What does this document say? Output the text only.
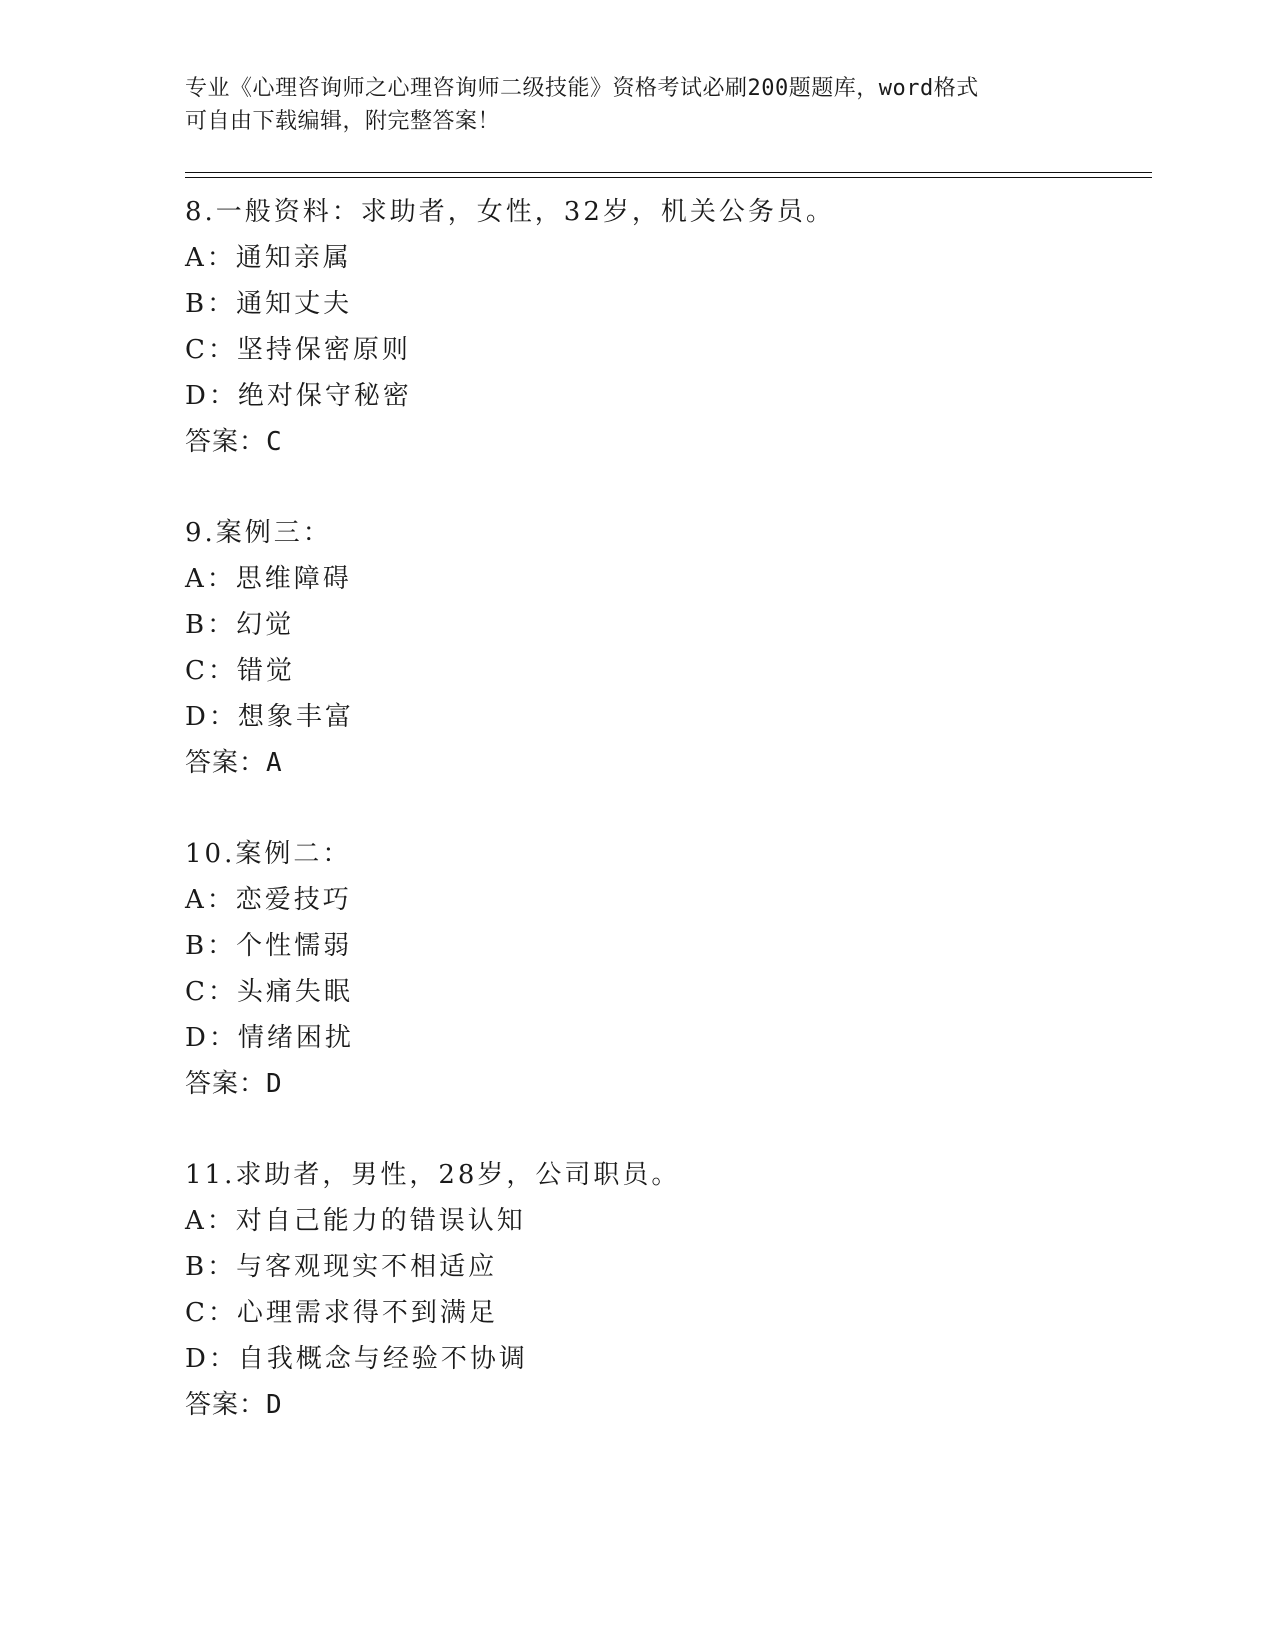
专业《心理咨询师之心理咨询师二级技能》资格考试必刷200题题库，word格式
可自由下载编辑，附完整答案！
8.一般资料：求助者，女性，32岁，机关公务员。
A：通知亲属
B：通知丈夫
C：坚持保密原则
D：绝对保守秘密
答案：C
9.案例三：
A：思维障碍
B：幻觉
C：错觉
D：想象丰富
答案：A
10.案例二：
A：恋爱技巧
B：个性懦弱
C：头痛失眠
D：情绪困扰
答案：D
11.求助者，男性，28岁，公司职员。
A：对自己能力的错误认知
B：与客观现实不相适应
C：心理需求得不到满足
D：自我概念与经验不协调
答案：D
